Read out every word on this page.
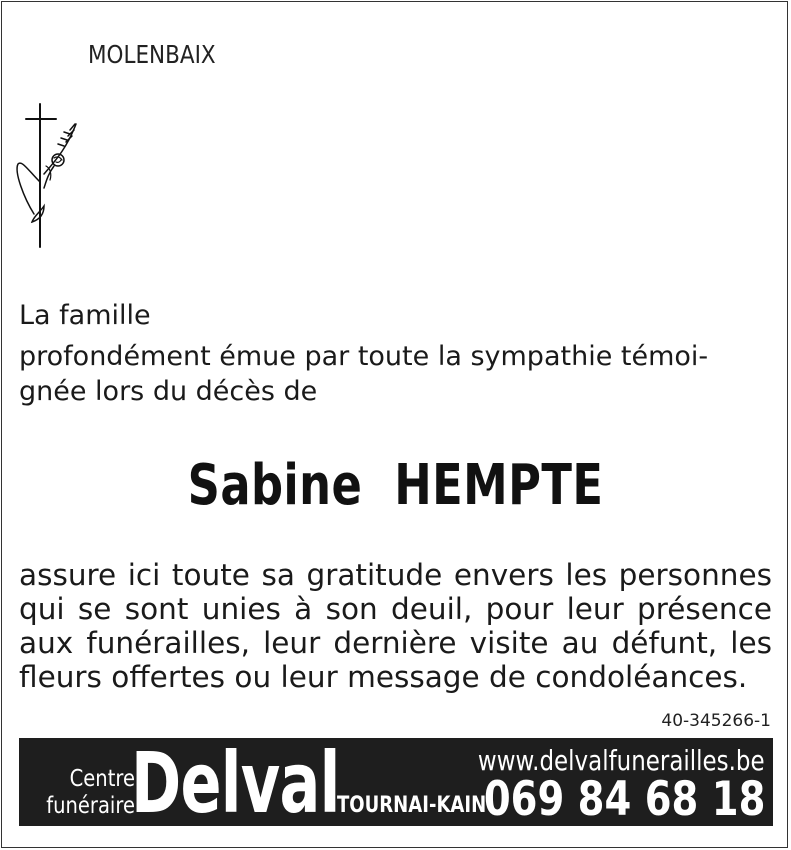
MOLENBAIX
La famille
profondément émue par toute la sympathie témoi-
gnée lors du décès de
Sabine  HEMPTE
assure ici toute sa gratitude envers les personnes qui se sont unies à son deuil, pour leur présence aux funérailles, leur dernière visite au défunt, les fleurs offertes ou leur message de condoléances.
40-345266-1
Centre
funéraire
Delval	www.delvalfunerailles.be
TOURNAI-KAIN
069 84 68 18
